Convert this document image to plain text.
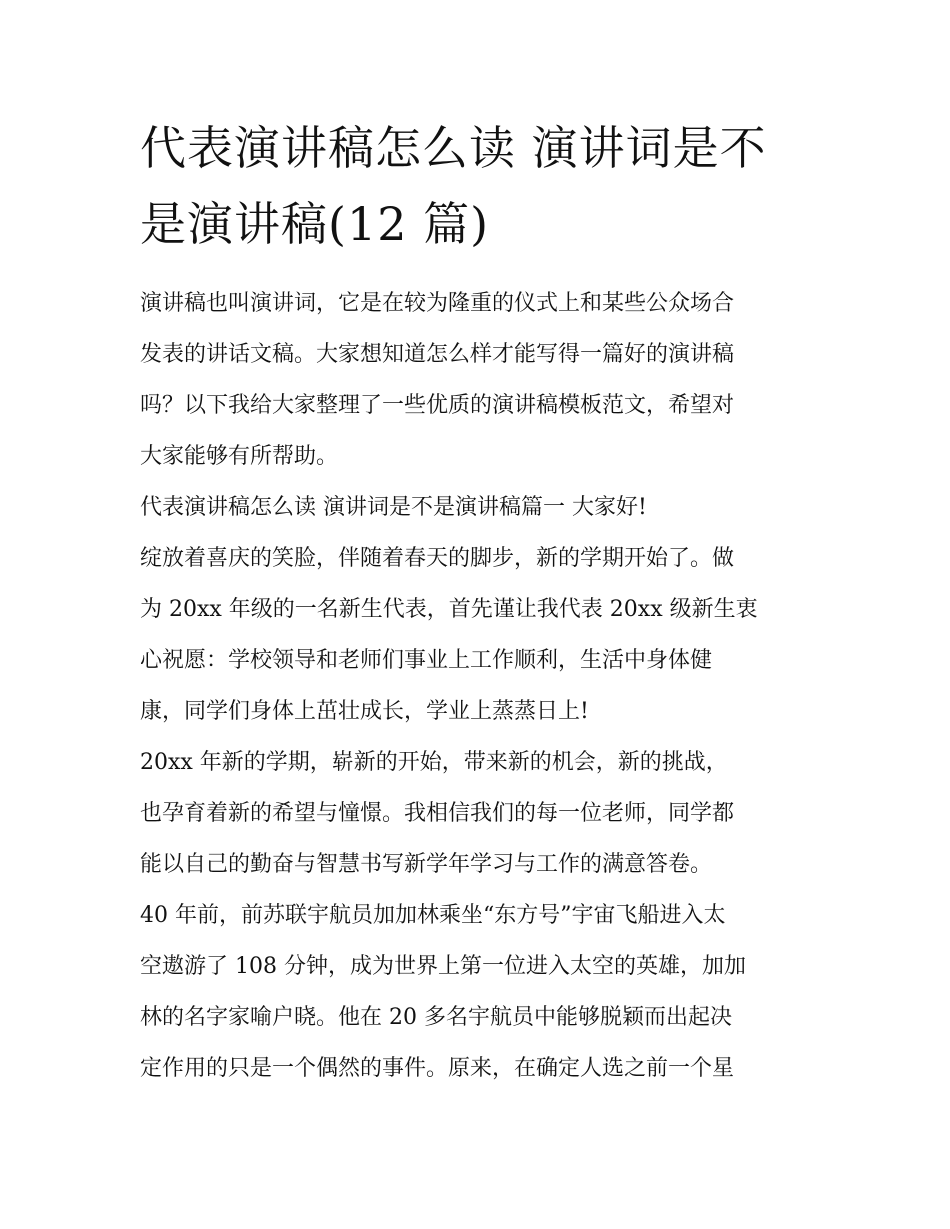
代表演讲稿怎么读 演讲词是不
是演讲稿(12 篇)
演讲稿也叫演讲词，它是在较为隆重的仪式上和某些公众场合
发表的讲话文稿。大家想知道怎么样才能写得一篇好的演讲稿
吗？以下我给大家整理了一些优质的演讲稿模板范文，希望对
大家能够有所帮助。
代表演讲稿怎么读 演讲词是不是演讲稿篇一 大家好!
绽放着喜庆的笑脸，伴随着春天的脚步，新的学期开始了。做
为 20xx 年级的一名新生代表，首先谨让我代表 20xx 级新生衷
心祝愿：学校领导和老师们事业上工作顺利，生活中身体健
康，同学们身体上茁壮成长，学业上蒸蒸日上!
20xx 年新的学期，崭新的开始，带来新的机会，新的挑战，
也孕育着新的希望与憧憬。我相信我们的每一位老师，同学都
能以自己的勤奋与智慧书写新学年学习与工作的满意答卷。
40 年前，前苏联宇航员加加林乘坐“东方号”宇宙飞船进入太
空遨游了 108 分钟，成为世界上第一位进入太空的英雄，加加
林的名字家喻户晓。他在 20 多名宇航员中能够脱颖而出起决
定作用的只是一个偶然的事件。原来，在确定人选之前一个星
